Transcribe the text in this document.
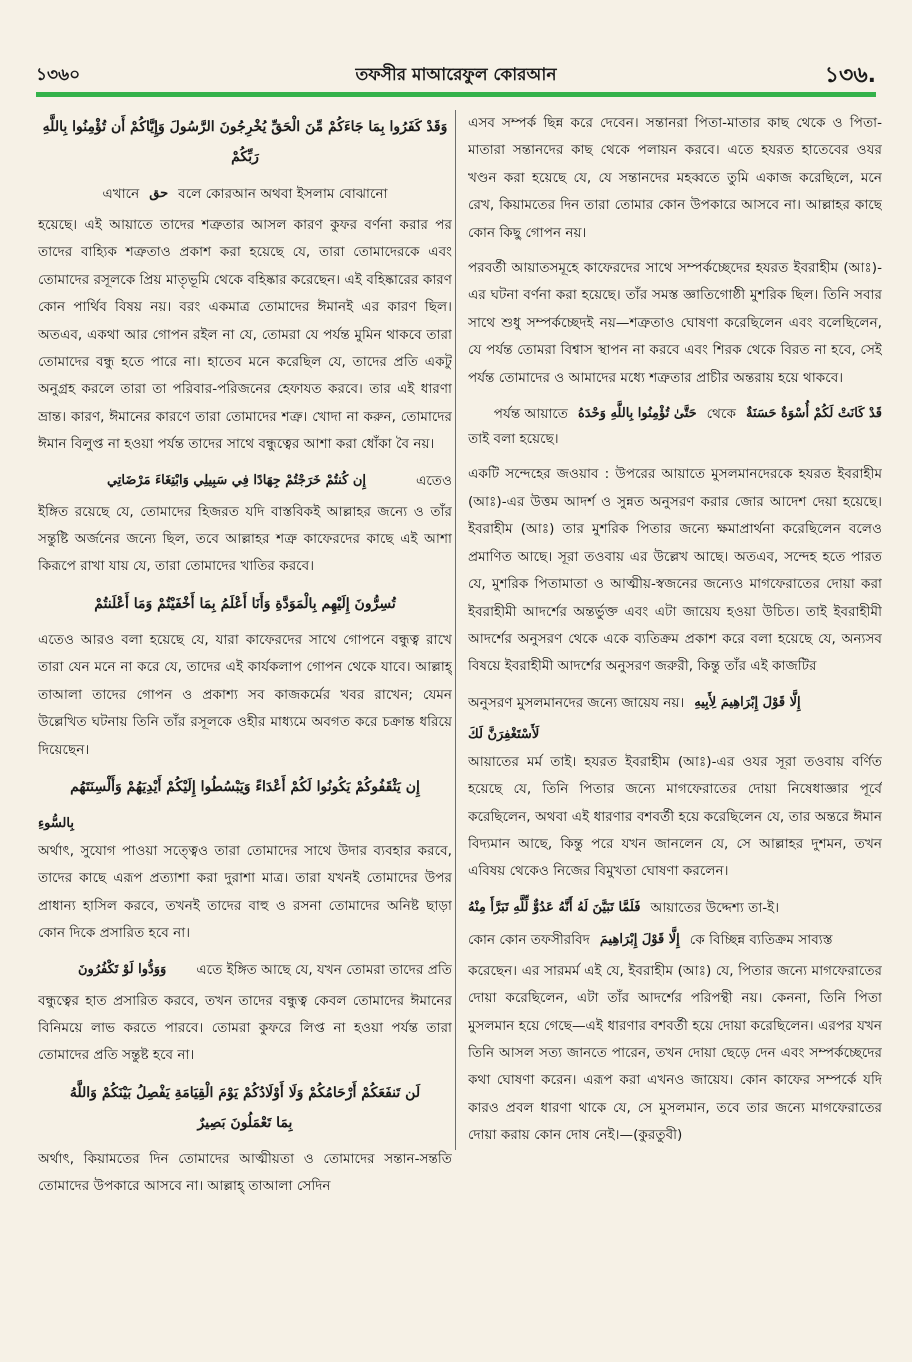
১৩৬০	তফসীর মাআরেফুল কোরআন	১৩৬.
وَقَدْ كَفَرُوا بِمَا جَاءَكُمْ مِّنَ الْحَقِّ يُخْرِجُونَ الرَّسُولَ وَإِيَّاكُمْ أَن تُؤْمِنُوا بِاللَّهِ رَبِّكُمْ
এখানে حق বলে কোরআন অথবা ইসলাম বোঝানো

হয়েছে। এই আয়াতে তাদের শত্রুতার আসল কারণ কুফর বর্ণনা করার পর তাদের বাহ্যিক শত্রুতাও প্রকাশ করা হয়েছে যে, তারা তোমাদেরকে এবং তোমাদের রসূলকে প্রিয় মাতৃভূমি থেকে বহিষ্কার করেছেন। এই বহিষ্কারের কারণ কোন পার্থিব বিষয় নয়। বরং একমাত্র তোমাদের ঈমানই এর কারণ ছিল। অতএব, একথা আর গোপন রইল না যে, তোমরা যে পর্যন্ত মুমিন থাকবে তারা তোমাদের বন্ধু হতে পারে না। হাতেব মনে করেছিল যে, তাদের প্রতি একটু অনুগ্রহ করলে তারা তা পরিবার-পরিজনের হেফাযত করবে। তার এই ধারণা ভ্রান্ত। কারণ, ঈমানের কারণে তারা তোমাদের শত্রু। খোদা না করুন, তোমাদের ঈমান বিলুপ্ত না হওয়া পর্যন্ত তাদের সাথে বন্ধুত্বের আশা করা ধোঁকা বৈ নয়।

إِن كُنتُمْ خَرَجْتُمْ جِهَادًا فِي سَبِيلِي وَابْتِغَاءَ مَرْضَاتِي	এতেও

ইঙ্গিত রয়েছে যে, তোমাদের হিজরত যদি বাস্তবিকই আল্লাহর জন্যে ও তাঁর সন্তুষ্টি অর্জনের জন্যে ছিল, তবে আল্লাহর শত্রু কাফেরদের কাছে এই আশা কিরূপে রাখা যায় যে, তারা তোমাদের খাতির করবে।

تُسِرُّونَ إِلَيْهِم بِالْمَوَدَّةِ وَأَنَا أَعْلَمُ بِمَا أَخْفَيْتُمْ وَمَا أَعْلَنتُمْ

এতেও আরও বলা হয়েছে যে, যারা কাফেরদের সাথে গোপনে বন্ধুত্ব রাখে তারা যেন মনে না করে যে, তাদের এই কার্যকলাপ গোপন থেকে যাবে। আল্লাহ্ তাআলা তাদের গোপন ও প্রকাশ্য সব কাজকর্মের খবর রাখেন; যেমন উল্লেখিত ঘটনায় তিনি তাঁর রসূলকে ওহীর মাধ্যমে অবগত করে চক্রান্ত ধরিয়ে দিয়েছেন।

إِن يَثْقَفُوكُمْ يَكُونُوا لَكُمْ أَعْدَاءً وَيَبْسُطُوا إِلَيْكُمْ أَيْدِيَهُمْ وَأَلْسِنَتَهُم
بِالسُّوءِ

অর্থাৎ, সুযোগ পাওয়া সত্ত্বেও তারা তোমাদের সাথে উদার ব্যবহার করবে, তাদের কাছে এরূপ প্রত্যাশা করা দুরাশা মাত্র। তারা যখনই তোমাদের উপর প্রাধান্য হাসিল করবে, তখনই তাদের বাহু ও রসনা তোমাদের অনিষ্ট ছাড়া কোন দিকে প্রসারিত হবে না।

وَوَدُّوا لَوْ تَكْفُرُونَ এতে ইঙ্গিত আছে যে, যখন তোমরা তাদের প্রতি

বন্ধুত্বের হাত প্রসারিত করবে, তখন তাদের বন্ধুত্ব কেবল তোমাদের ঈমানের বিনিময়ে লাভ করতে পারবে। তোমরা কুফরে লিপ্ত না হওয়া পর্যন্ত তারা তোমাদের প্রতি সন্তুষ্ট হবে না।

لَن تَنفَعَكُمْ أَرْحَامُكُمْ وَلَا أَوْلَادُكُمْ يَوْمَ الْقِيَامَةِ يَفْصِلُ بَيْنَكُمْ وَاللَّهُ
بِمَا تَعْمَلُونَ بَصِيرٌ

অর্থাৎ, কিয়ামতের দিন তোমাদের আত্মীয়তা ও তোমাদের সন্তান-সন্ততি তোমাদের উপকারে আসবে না। আল্লাহ্ তাআলা সেদিন

এসব সম্পর্ক ছিন্ন করে দেবেন। সন্তানরা পিতা-মাতার কাছ থেকে ও পিতা-মাতারা সন্তানদের কাছ থেকে পলায়ন করবে। এতে হযরত হাতেবের ওযর খণ্ডন করা হয়েছে যে, যে সন্তানদের মহব্বতে তুমি একাজ করেছিলে, মনে রেখ, কিয়ামতের দিন তারা তোমার কোন উপকারে আসবে না। আল্লাহর কাছে কোন কিছু গোপন নয়।

পরবর্তী আয়াতসমূহে কাফেরদের সাথে সম্পর্কচ্ছেদের হযরত ইবরাহীম (আঃ)-এর ঘটনা বর্ণনা করা হয়েছে। তাঁর সমস্ত জ্ঞাতিগোষ্ঠী মুশরিক ছিল। তিনি সবার সাথে শুধু সম্পর্কচ্ছেদই নয়—শত্রুতাও ঘোষণা করেছিলেন এবং বলেছিলেন, যে পর্যন্ত তোমরা বিশ্বাস স্থাপন না করবে এবং শিরক থেকে বিরত না হবে, সেই পর্যন্ত তোমাদের ও আমাদের মধ্যে শত্রুতার প্রাচীর অন্তরায় হয়ে থাকবে।

পর্যন্ত আয়াতে حَتَّىٰ تُؤْمِنُوا بِاللَّهِ وَحْدَهُ থেকে قَدْ كَانَتْ لَكُمْ أُسْوَةٌ حَسَنَةٌ

তাই বলা হয়েছে।

একটি সন্দেহের জওয়াব : উপরের আয়াতে মুসলমানদেরকে হযরত ইবরাহীম (আঃ)-এর উত্তম আদর্শ ও সুন্নত অনুসরণ করার জোর আদেশ দেয়া হয়েছে। ইবরাহীম (আঃ) তার মুশরিক পিতার জন্যে ক্ষমাপ্রার্থনা করেছিলেন বলেও প্রমাণিত আছে। সূরা তওবায় এর উল্লেখ আছে। অতএব, সন্দেহ হতে পারত যে, মুশরিক পিতামাতা ও আত্মীয়-স্বজনের জন্যেও মাগফেরাতের দোয়া করা ইবরাহীমী আদর্শের অন্তর্ভুক্ত এবং এটা জায়েয হওয়া উচিত। তাই ইবরাহীমী আদর্শের অনুসরণ থেকে একে ব্যতিক্রম প্রকাশ করে বলা হয়েছে যে, অন্যসব বিষয়ে ইবরাহীমী আদর্শের অনুসরণ জরুরী, কিন্তু তাঁর এই কাজটির

অনুসরণ মুসলমানদের জন্যে জায়েয নয়। إِلَّا قَوْلَ إِبْرَاهِيمَ لِأَبِيهِ
لَأَسْتَغْفِرَنَّ لَكَ

আয়াতের মর্ম তাই। হযরত ইবরাহীম (আঃ)-এর ওযর সূরা তওবায় বর্ণিত হয়েছে যে, তিনি পিতার জন্যে মাগফেরাতের দোয়া নিষেধাজ্ঞার পূর্বে করেছিলেন, অথবা এই ধারণার বশবর্তী হয়ে করেছিলেন যে, তার অন্তরে ঈমান বিদ্যমান আছে, কিন্তু পরে যখন জানলেন যে, সে আল্লাহর দুশমন, তখন এবিষয় থেকেও নিজের বিমুখতা ঘোষণা করলেন।

فَلَمَّا تَبَيَّنَ لَهُ أَنَّهُ عَدُوٌّ لِّلَّهِ تَبَرَّأَ مِنْهُ আয়াতের উদ্দেশ্য তা-ই।
কোন কোন তফসীরবিদ إِلَّا قَوْلَ إِبْرَاهِيمَ কে বিচ্ছিন্ন ব্যতিক্রম সাব্যস্ত

করেছেন। এর সারমর্ম এই যে, ইবরাহীম (আঃ) যে, পিতার জন্যে মাগফেরাতের দোয়া করেছিলেন, এটা তাঁর আদর্শের পরিপন্থী নয়। কেননা, তিনি পিতা মুসলমান হয়ে গেছে—এই ধারণার বশবর্তী হয়ে দোয়া করেছিলেন। এরপর যখন তিনি আসল সত্য জানতে পারেন, তখন দোয়া ছেড়ে দেন এবং সম্পর্কচ্ছেদের কথা ঘোষণা করেন। এরূপ করা এখনও জায়েয। কোন কাফের সম্পর্কে যদি কারও প্রবল ধারণা থাকে যে, সে মুসলমান, তবে তার জন্যে মাগফেরাতের দোয়া করায় কোন দোষ নেই।—(কুরতুবী)
